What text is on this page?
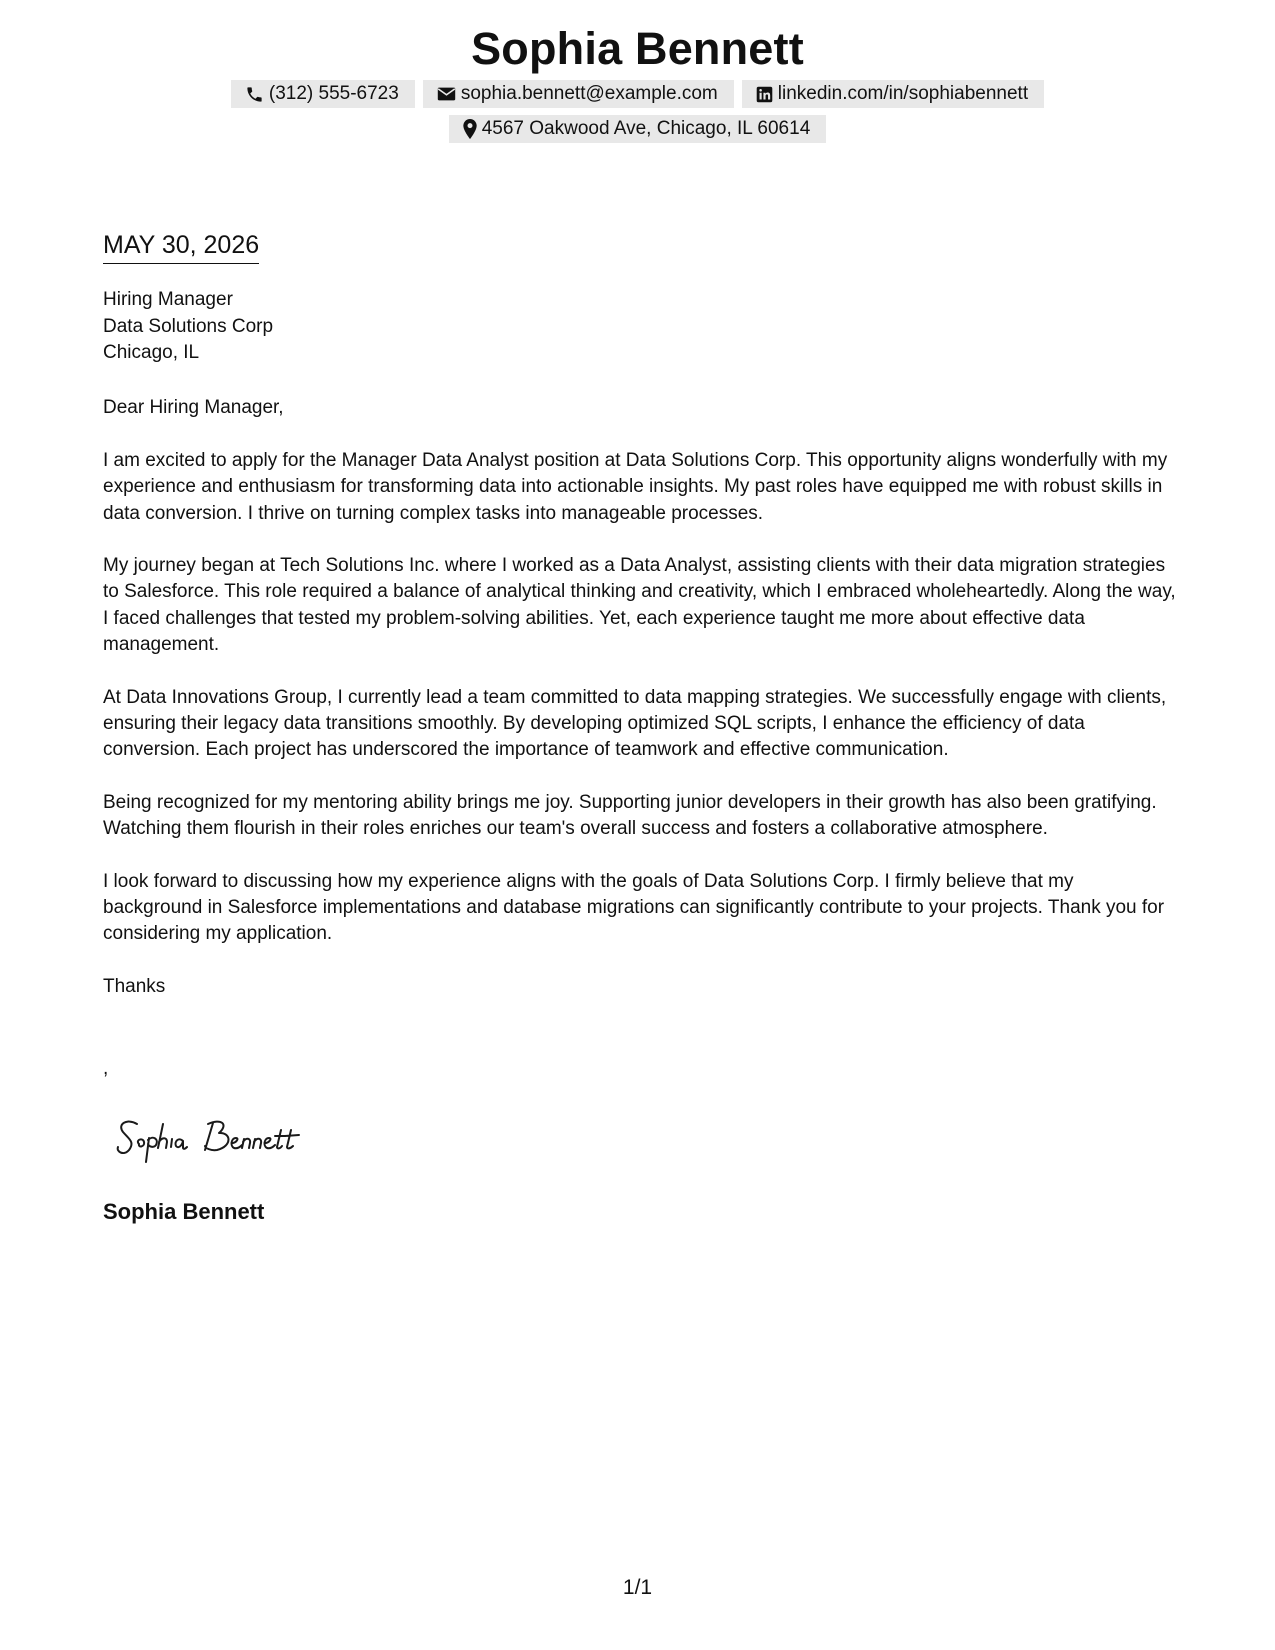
Sophia Bennett
(312) 555-6723	sophia.bennett@example.com	linkedin.com/in/sophiabennett
4567 Oakwood Ave, Chicago, IL 60614
MAY 30, 2026
Hiring Manager
Data Solutions Corp
Chicago, IL
Dear Hiring Manager,

I am excited to apply for the Manager Data Analyst position at Data Solutions Corp. This opportunity aligns wonderfully with my experience and enthusiasm for transforming data into actionable insights. My past roles have equipped me with robust skills in data conversion. I thrive on turning complex tasks into manageable processes.

My journey began at Tech Solutions Inc. where I worked as a Data Analyst, assisting clients with their data migration strategies to Salesforce. This role required a balance of analytical thinking and creativity, which I embraced wholeheartedly. Along the way, I faced challenges that tested my problem-solving abilities. Yet, each experience taught me more about effective data management.

At Data Innovations Group, I currently lead a team committed to data mapping strategies. We successfully engage with clients, ensuring their legacy data transitions smoothly. By developing optimized SQL scripts, I enhance the efficiency of data conversion. Each project has underscored the importance of teamwork and effective communication.

Being recognized for my mentoring ability brings me joy. Supporting junior developers in their growth has also been gratifying. Watching them flourish in their roles enriches our team's overall success and fosters a collaborative atmosphere.

I look forward to discussing how my experience aligns with the goals of Data Solutions Corp. I firmly believe that my background in Salesforce implementations and database migrations can significantly contribute to your projects. Thank you for considering my application.

Thanks
,
Sophia Bennett
1/1
